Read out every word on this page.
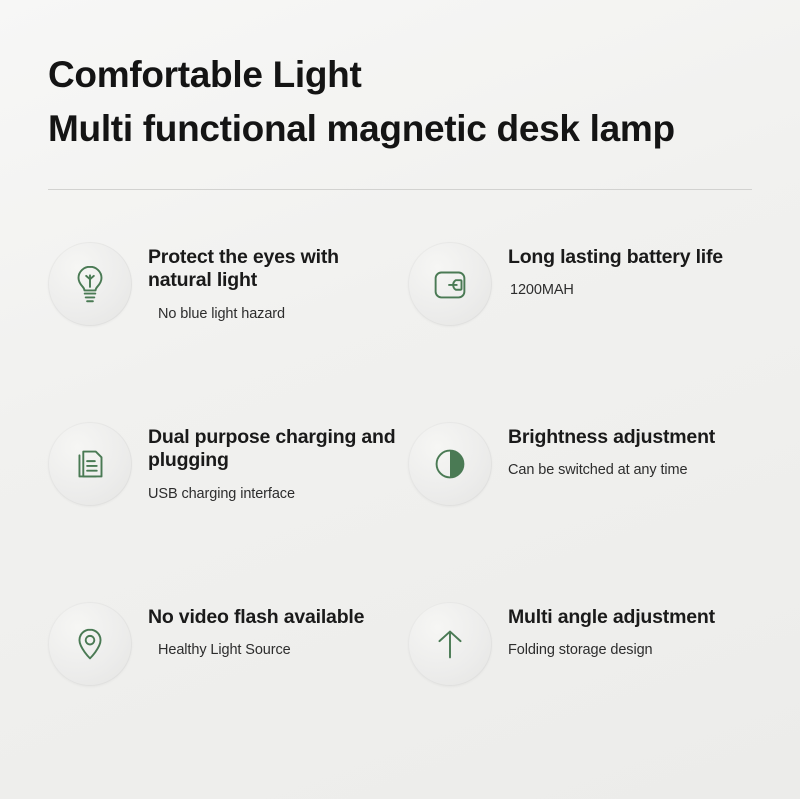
Comfortable Light
Multi functional magnetic desk lamp
Protect the eyes with natural light
No blue light hazard
Long lasting battery life
1200MAH
Dual purpose charging and plugging
USB charging interface
Brightness adjustment
Can be switched at any time
No video flash available
Healthy Light Source
Multi angle adjustment
Folding storage design
